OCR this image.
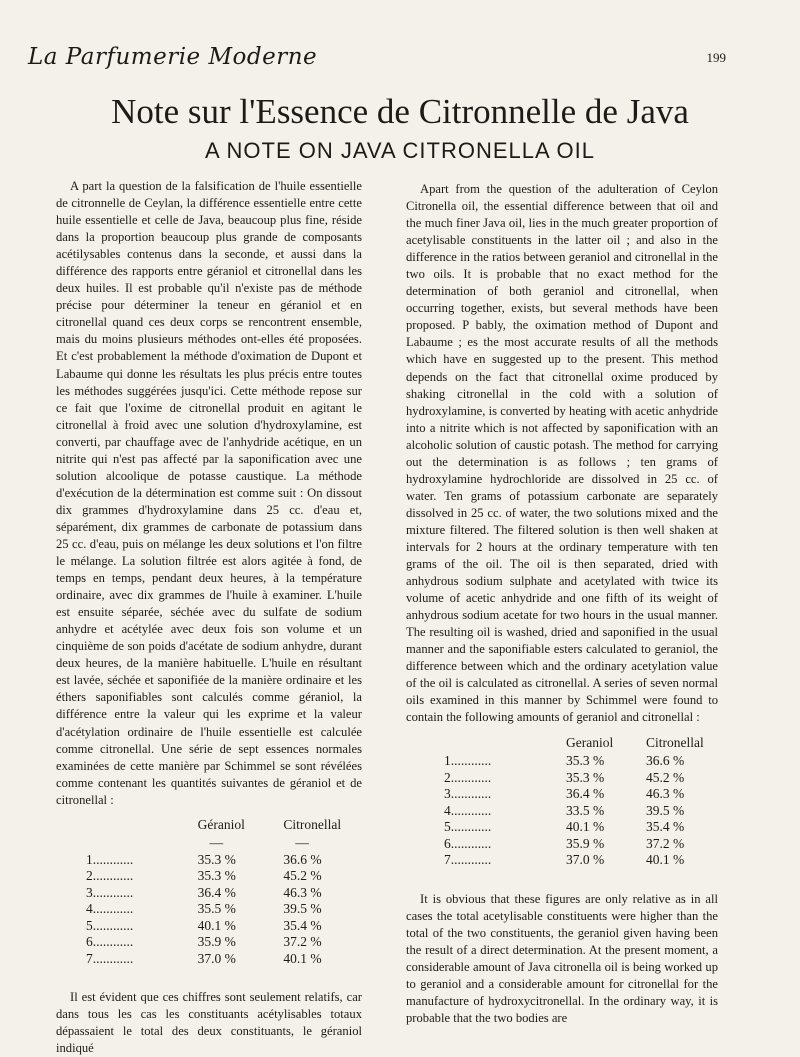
La Parfumerie Moderne	199
Note sur l'Essence de Citronnelle de Java
A NOTE ON JAVA CITRONELLA OIL

A part la question de la falsification de l'huile essentielle de citronnelle de Ceylan, la différence essentielle entre cette huile essentielle et celle de Java, beaucoup plus fine, réside dans la proportion beaucoup plus grande de composants acétilysables contenus dans la seconde, et aussi dans la différence des rapports entre géraniol et citronellal dans les deux huiles. Il est probable qu'il n'existe pas de méthode précise pour déterminer la teneur en géraniol et en citronellal quand ces deux corps se rencontrent ensemble, mais du moins plusieurs méthodes ont-elles été proposées. Et c'est probablement la méthode d'oximation de Dupont et Labaume qui donne les résultats les plus précis entre toutes les méthodes suggérées jusqu'ici. Cette méthode repose sur ce fait que l'oxime de citronellal produit en agitant le citronellal à froid avec une solution d'hydroxylamine, est converti, par chauffage avec de l'anhydride acétique, en un nitrite qui n'est pas affecté par la saponification avec une solution alcoolique de potasse caustique. La méthode d'exécution de la détermination est comme suit : On dissout dix grammes d'hydroxylamine dans 25 cc. d'eau et, séparément, dix grammes de carbonate de potassium dans 25 cc. d'eau, puis on mélange les deux solutions et l'on filtre le mélange. La solution filtrée est alors agitée à fond, de temps en temps, pendant deux heures, à la température ordinaire, avec dix grammes de l'huile à examiner. L'huile est ensuite séparée, séchée avec du sulfate de sodium anhydre et acétylée avec deux fois son volume et un cinquième de son poids d'acétate de sodium anhydre, durant deux heures, de la manière habituelle. L'huile en résultant est lavée, séchée et saponifiée de la manière ordinaire et les éthers saponifiables sont calculés comme géraniol, la différence entre la valeur qui les exprime et la valeur d'acétylation ordinaire de l'huile essentielle est calculée comme citronellal. Une série de sept essences normales examinées de cette manière par Schimmel se sont révélées comme contenant les quantités suivantes de géraniol et de citronellal :

	Géraniol	Citronellal
	—	—
1............	35.3 %	36.6 %
2............	35.3 %	45.2 %
3............	36.4 %	46.3 %
4............	35.5 %	39.5 %
5............	40.1 %	35.4 %
6............	35.9 %	37.2 %
7............	37.0 %	40.1 %

Il est évident que ces chiffres sont seulement relatifs, car dans tous les cas les constituants acétylisables totaux dépassaient le total des deux constituants, le géraniol indiqué

Apart from the question of the adulteration of Ceylon Citronella oil, the essential difference between that oil and the much finer Java oil, lies in the much greater proportion of acetylisable constituents in the latter oil ; and also in the difference in the ratios between geraniol and citronellal in the two oils. It is probable that no exact method for the determination of both geraniol and citronellal, when occurring together, exists, but several methods have been proposed. P bably, the oximation method of Dupont and Labaume ; es the most accurate results of all the methods which have en suggested up to the present. This method depends on the fact that citronellal oxime produced by shaking citronellal in the cold with a solution of hydroxylamine, is converted by heating with acetic anhydride into a nitrite which is not affected by saponification with an alcoholic solution of caustic potash. The method for carrying out the determination is as follows ; ten grams of hydroxylamine hydrochloride are dissolved in 25 cc. of water. Ten grams of potassium carbonate are separately dissolved in 25 cc. of water, the two solutions mixed and the mixture filtered. The filtered solution is then well shaken at intervals for 2 hours at the ordinary temperature with ten grams of the oil. The oil is then separated, dried with anhydrous sodium sulphate and acetylated with twice its volume of acetic anhydride and one fifth of its weight of anhydrous sodium acetate for two hours in the usual manner. The resulting oil is washed, dried and saponified in the usual manner and the saponifiable esters calculated to geraniol, the difference between which and the ordinary acetylation value of the oil is calculated as citronellal. A series of seven normal oils examined in this manner by Schimmel were found to contain the following amounts of geraniol and citronellal :

	Geraniol	Citronellal
1............	35.3 %	36.6 %
2............	35.3 %	45.2 %
3............	36.4 %	46.3 %
4............	33.5 %	39.5 %
5............	40.1 %	35.4 %
6............	35.9 %	37.2 %
7............	37.0 %	40.1 %

It is obvious that these figures are only relative as in all cases the total acetylisable constituents were higher than the total of the two constituents, the geraniol given having been the result of a direct determination. At the present moment, a considerable amount of Java citronella oil is being worked up to geraniol and a considerable amount for citronellal for the manufacture of hydroxycitronellal. In the ordinary way, it is probable that the two bodies are
